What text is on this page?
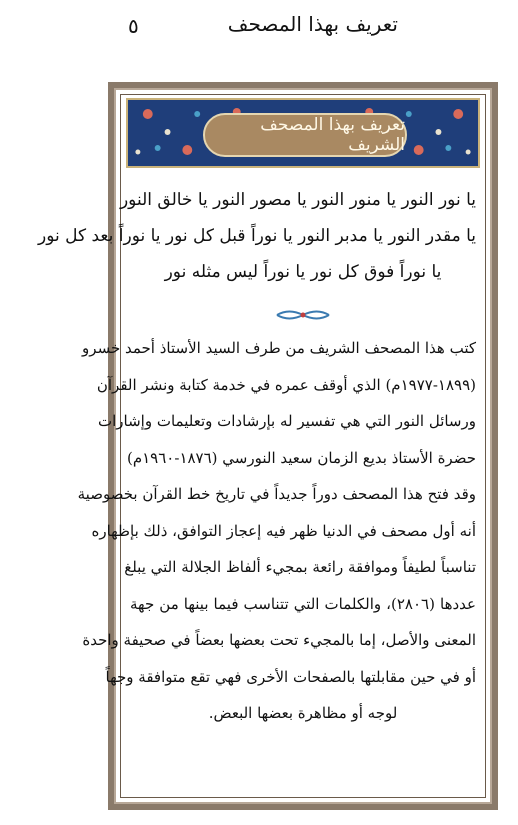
٥	تعريف بهذا المصحف
تعريف بهذا المصحف الشريف
يا نور النور يا منور النور يا مصور النور يا خالق النور
يا مقدر النور يا مدبر النور يا نوراً قبل كل نور يا نوراً بعد كل نور
يا نوراً فوق كل نور يا نوراً ليس مثله نور
كتب هذا المصحف الشريف من طرف السيد الأستاذ أحمد خسرو
(١٨٩٩-١٩٧٧م) الذي أوقف عمره في خدمة كتابة ونشر القرآن
ورسائل النور التي هي تفسير له بإرشادات وتعليمات وإشارات
حضرة الأستاذ بديع الزمان سعيد النورسي (١٨٧٦-١٩٦٠م)
وقد فتح هذا المصحف دوراً جديداً في تاريخ خط القرآن بخصوصية
أنه أول مصحف في الدنيا ظهر فيه إعجاز التوافق، ذلك بإظهاره
تناسباً لطيفاً وموافقة رائعة بمجيء ألفاظ الجلالة التي يبلغ
عددها (٢٨٠٦)، والكلمات التي تتناسب فيما بينها من جهة
المعنى والأصل، إما بالمجيء تحت بعضها بعضاً في صحيفة واحدة
أو في حين مقابلتها بالصفحات الأخرى فهي تقع متوافقة وجهاً
لوجه أو مظاهرة بعضها البعض.
